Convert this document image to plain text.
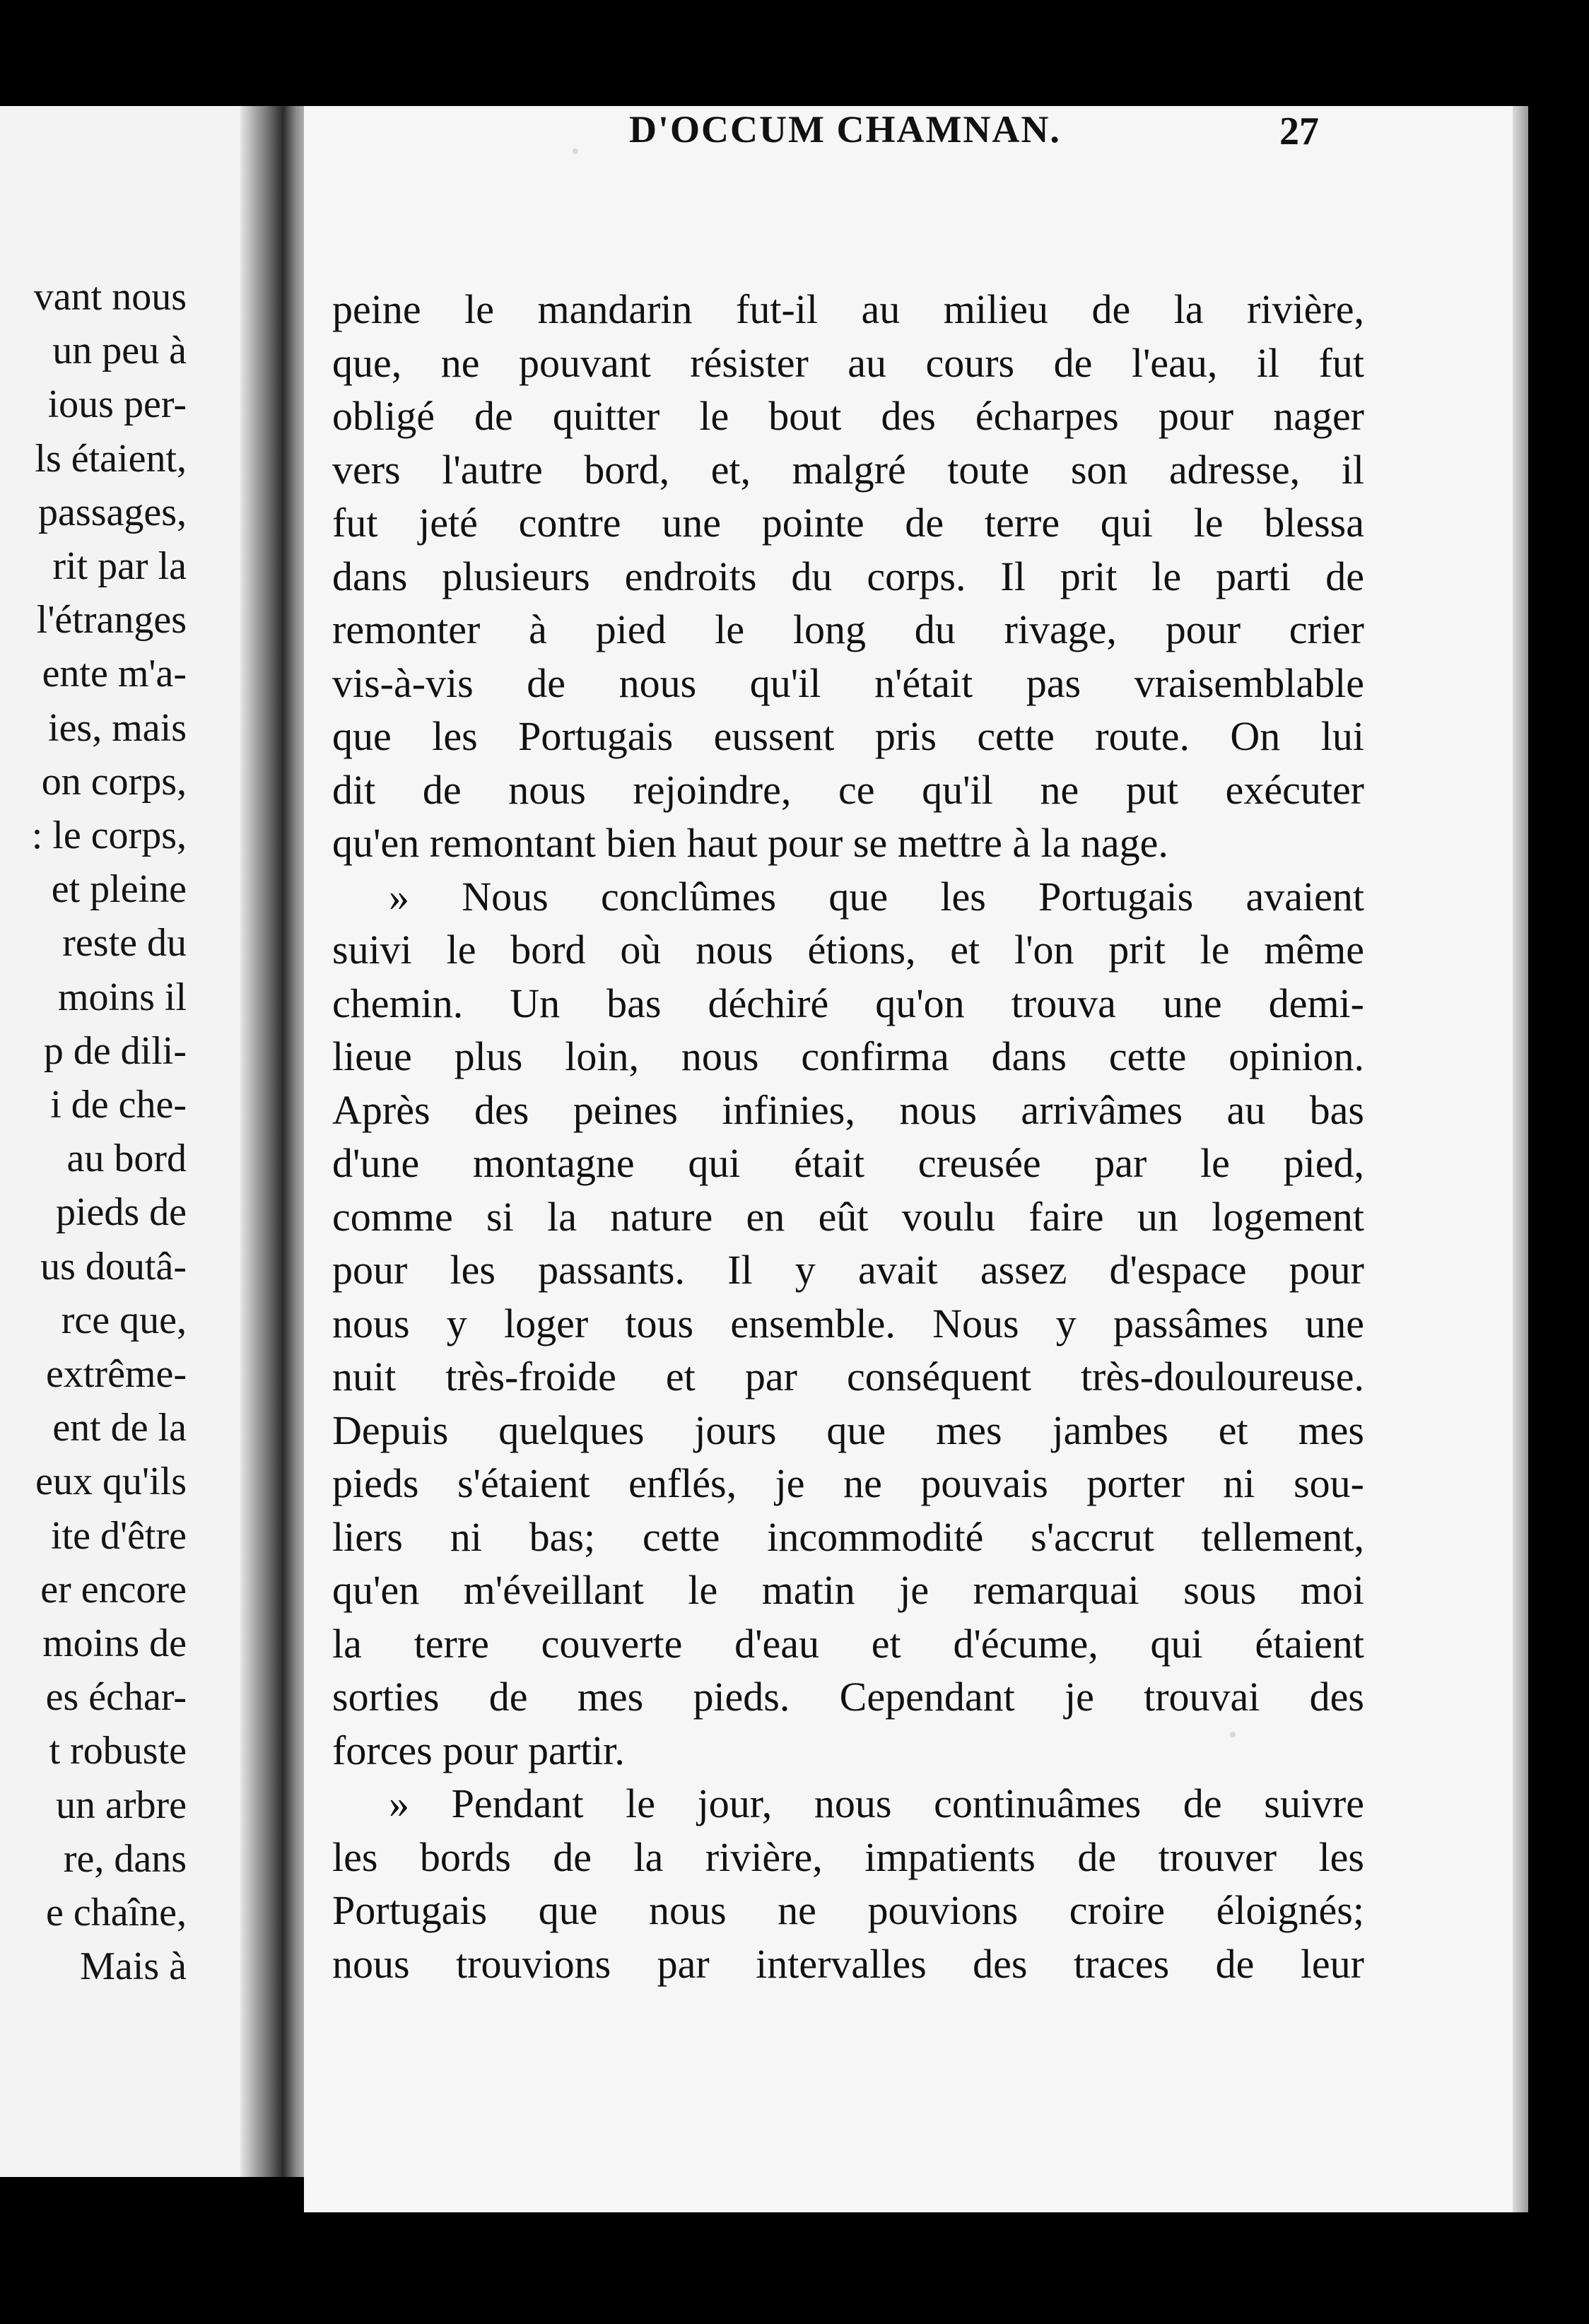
vant nous
un peu à
ious per-
ls étaient,
passages,
rit par la
l'étranges
ente m'a-
ies, mais
on corps,
: le corps,
et pleine
reste du
moins il
p de dili-
i de che-
au bord
pieds de
us doutâ-
rce que,
extrême-
ent de la
eux qu'ils
ite d'être
er encore
moins de
es échar-
t robuste
un arbre
re, dans
e chaîne,
Mais à
D'OCCUM CHAMNAN.	27
peine le mandarin fut-il au milieu de la rivière,
que, ne pouvant résister au cours de l'eau, il fut
obligé de quitter le bout des écharpes pour nager
vers l'autre bord, et, malgré toute son adresse, il
fut jeté contre une pointe de terre qui le blessa
dans plusieurs endroits du corps. Il prit le parti de
remonter à pied le long du rivage, pour crier
vis-à-vis de nous qu'il n'était pas vraisemblable
que les Portugais eussent pris cette route. On lui
dit de nous rejoindre, ce qu'il ne put exécuter
qu'en remontant bien haut pour se mettre à la nage.
» Nous conclûmes que les Portugais avaient
suivi le bord où nous étions, et l'on prit le même
chemin. Un bas déchiré qu'on trouva une demi-
lieue plus loin, nous confirma dans cette opinion.
Après des peines infinies, nous arrivâmes au bas
d'une montagne qui était creusée par le pied,
comme si la nature en eût voulu faire un logement
pour les passants. Il y avait assez d'espace pour
nous y loger tous ensemble. Nous y passâmes une
nuit très-froide et par conséquent très-douloureuse.
Depuis quelques jours que mes jambes et mes
pieds s'étaient enflés, je ne pouvais porter ni sou-
liers ni bas; cette incommodité s'accrut tellement,
qu'en m'éveillant le matin je remarquai sous moi
la terre couverte d'eau et d'écume, qui étaient
sorties de mes pieds. Cependant je trouvai des
forces pour partir.
» Pendant le jour, nous continuâmes de suivre
les bords de la rivière, impatients de trouver les
Portugais que nous ne pouvions croire éloignés;
nous trouvions par intervalles des traces de leur
